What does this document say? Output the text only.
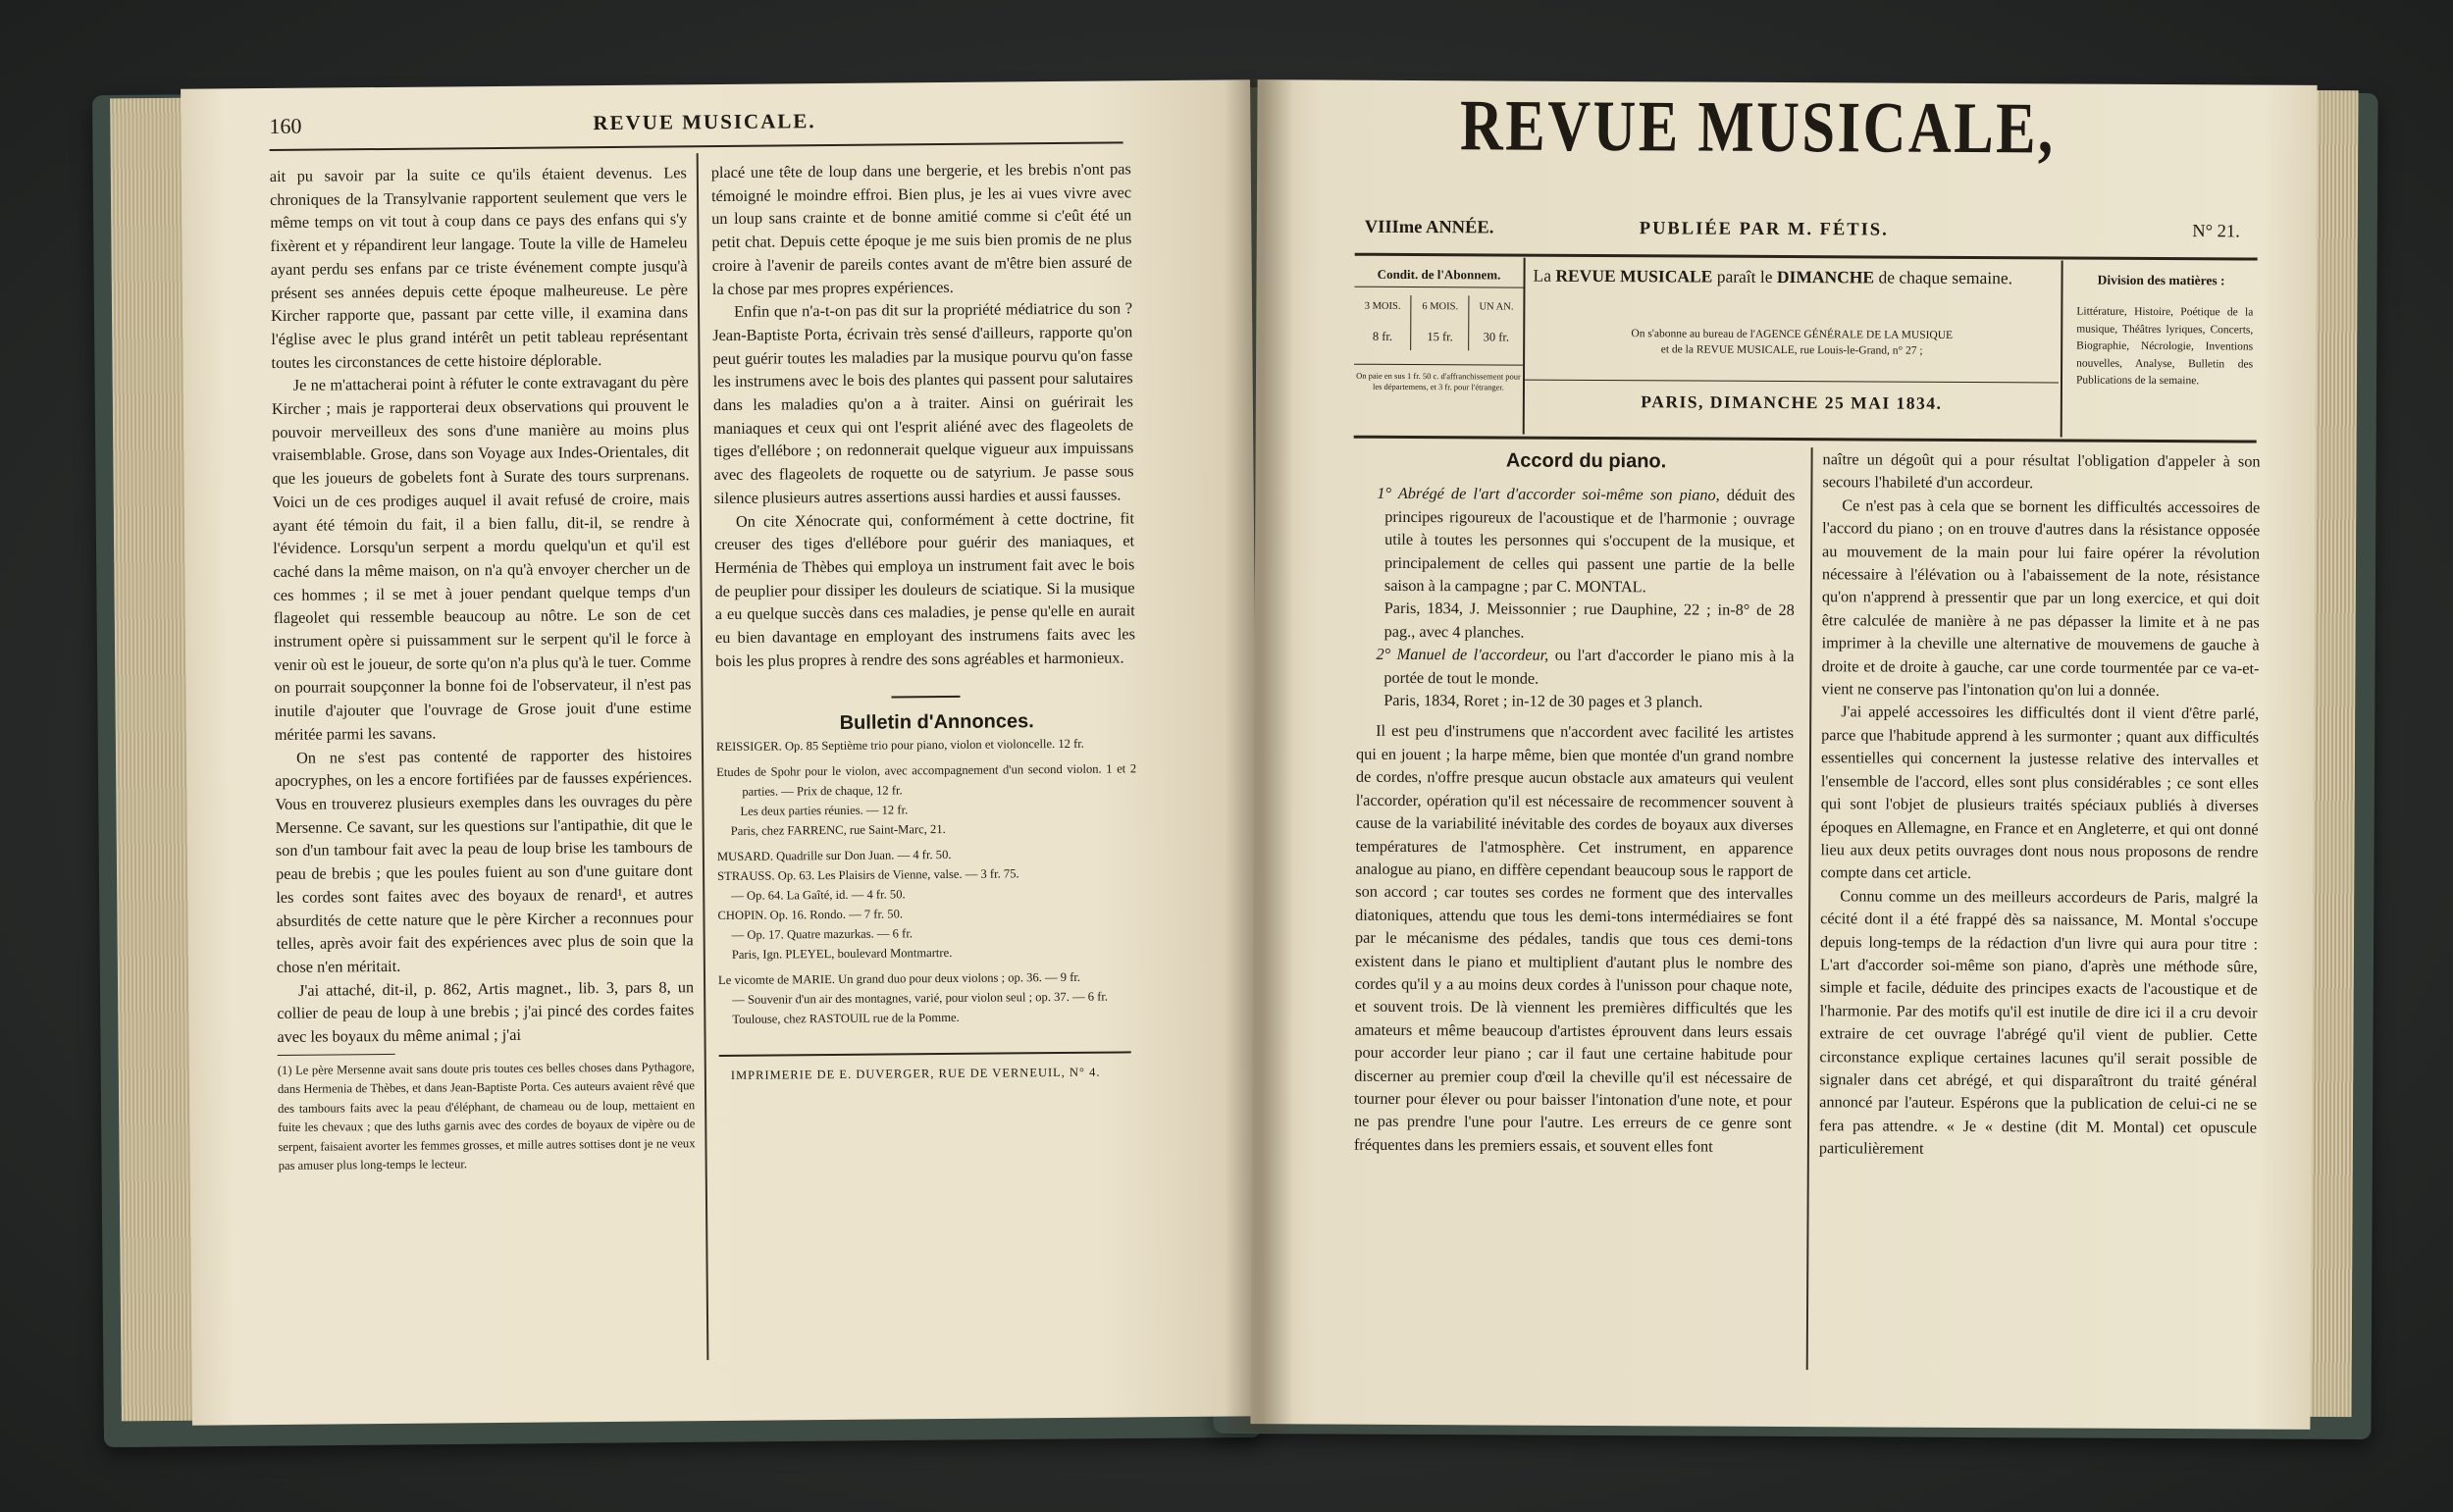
160	REVUE MUSICALE.

ait pu savoir par la suite ce qu'ils étaient devenus. Les chroniques de la Transylvanie rapportent seulement que vers le même temps on vit tout à coup dans ce pays des enfans qui s'y fixèrent et y répandirent leur langage. Toute la ville de Hameleu ayant perdu ses enfans par ce triste événement compte jusqu'à présent ses années depuis cette époque malheureuse. Le père Kircher rapporte que, passant par cette ville, il examina dans l'église avec le plus grand intérêt un petit tableau représentant toutes les circonstances de cette histoire déplorable.

Je ne m'attacherai point à réfuter le conte extravagant du père Kircher ; mais je rapporterai deux observations qui prouvent le pouvoir merveilleux des sons d'une manière au moins plus vraisemblable. Grose, dans son Voyage aux Indes-Orientales, dit que les joueurs de gobelets font à Surate des tours surprenans. Voici un de ces prodiges auquel il avait refusé de croire, mais ayant été témoin du fait, il a bien fallu, dit-il, se rendre à l'évidence. Lorsqu'un serpent a mordu quelqu'un et qu'il est caché dans la même maison, on n'a qu'à envoyer chercher un de ces hommes ; il se met à jouer pendant quelque temps d'un flageolet qui ressemble beaucoup au nôtre. Le son de cet instrument opère si puissamment sur le serpent qu'il le force à venir où est le joueur, de sorte qu'on n'a plus qu'à le tuer. Comme on pourrait soupçonner la bonne foi de l'observateur, il n'est pas inutile d'ajouter que l'ouvrage de Grose jouit d'une estime méritée parmi les savans.

On ne s'est pas contenté de rapporter des histoires apocryphes, on les a encore fortifiées par de fausses expériences. Vous en trouverez plusieurs exemples dans les ouvrages du père Mersenne. Ce savant, sur les questions sur l'antipathie, dit que le son d'un tambour fait avec la peau de loup brise les tambours de peau de brebis ; que les poules fuient au son d'une guitare dont les cordes sont faites avec des boyaux de renard¹, et autres absurdités de cette nature que le père Kircher a reconnues pour telles, après avoir fait des expériences avec plus de soin que la chose n'en méritait.

J'ai attaché, dit-il, p. 862, Artis magnet., lib. 3, pars 8, un collier de peau de loup à une brebis ; j'ai pincé des cordes faites avec les boyaux du même animal ; j'ai

(1) Le père Mersenne avait sans doute pris toutes ces belles choses dans Pythagore, dans Hermenia de Thèbes, et dans Jean-Baptiste Porta. Ces auteurs avaient rêvé que des tambours faits avec la peau d'éléphant, de chameau ou de loup, mettaient en fuite les chevaux ; que des luths garnis avec des cordes de boyaux de vipère ou de serpent, faisaient avorter les femmes grosses, et mille autres sottises dont je ne veux pas amuser plus long-temps le lecteur.

placé une tête de loup dans une bergerie, et les brebis n'ont pas témoigné le moindre effroi. Bien plus, je les ai vues vivre avec un loup sans crainte et de bonne amitié comme si c'eût été un petit chat. Depuis cette époque je me suis bien promis de ne plus croire à l'avenir de pareils contes avant de m'être bien assuré de la chose par mes propres expériences.

Enfin que n'a-t-on pas dit sur la propriété médiatrice du son ? Jean-Baptiste Porta, écrivain très sensé d'ailleurs, rapporte qu'on peut guérir toutes les maladies par la musique pourvu qu'on fasse les instrumens avec le bois des plantes qui passent pour salutaires dans les maladies qu'on a à traiter. Ainsi on guérirait les maniaques et ceux qui ont l'esprit aliéné avec des flageolets de tiges d'ellébore ; on redonnerait quelque vigueur aux impuissans avec des flageolets de roquette ou de satyrium. Je passe sous silence plusieurs autres assertions aussi hardies et aussi fausses.

On cite Xénocrate qui, conformément à cette doctrine, fit creuser des tiges d'ellébore pour guérir des maniaques, et Herménia de Thèbes qui employa un instrument fait avec le bois de peuplier pour dissiper les douleurs de sciatique. Si la musique a eu quelque succès dans ces maladies, je pense qu'elle en aurait eu bien davantage en employant des instrumens faits avec les bois les plus propres à rendre des sons agréables et harmonieux.

Bulletin d'Annonces.

REISSIGER. Op. 85 Septième trio pour piano, violon et violoncelle. 12 fr.
Etudes de Spohr pour le violon, avec accompagnement d'un second violon. 1 et 2 parties. — Prix de chaque, 12 fr.
Les deux parties réunies. — 12 fr.
Paris, chez FARRENC, rue Saint-Marc, 21.
MUSARD. Quadrille sur Don Juan. — 4 fr. 50.
STRAUSS. Op. 63. Les Plaisirs de Vienne, valse. — 3 fr. 75.
— Op. 64. La Gaîté, id. — 4 fr. 50.
CHOPIN. Op. 16. Rondo. — 7 fr. 50.
— Op. 17. Quatre mazurkas. — 6 fr.
Paris, Ign. PLEYEL, boulevard Montmartre.
Le vicomte de MARIE. Un grand duo pour deux violons ; op. 36. — 9 fr.
— Souvenir d'un air des montagnes, varié, pour violon seul ; op. 37. — 6 fr.
Toulouse, chez RASTOUIL rue de la Pomme.
IMPRIMERIE DE E. DUVERGER, RUE DE VERNEUIL, N° 4.
REVUE MUSICALE,
VIIIme ANNÉE.	PUBLIÉE PAR M. FÉTIS.	N° 21.
Condit. de l'Abonnem.
3 MOIS.	6 MOIS.	UN AN.
8 fr.	15 fr.	30 fr.
On paie en sus 1 fr. 50 c. d'affranchissement pour les départemens, et 3 fr. pour l'étranger.
La REVUE MUSICALE paraît le DIMANCHE de chaque semaine.
On s'abonne au bureau de l'AGENCE GÉNÉRALE DE LA MUSIQUE
et de la REVUE MUSICALE, rue Louis-le-Grand, n° 27 ;
PARIS, DIMANCHE 25 MAI 1834.
Division des matières :
Littérature, Histoire, Poétique de la musique, Théâtres lyriques, Concerts, Biographie, Nécrologie, Inventions nouvelles, Analyse, Bulletin des Publications de la semaine.

Accord du piano.

1° Abrégé de l'art d'accorder soi-même son piano, déduit des principes rigoureux de l'acoustique et de l'harmonie ; ouvrage utile à toutes les personnes qui s'occupent de la musique, et principalement de celles qui passent une partie de la belle saison à la campagne ; par C. MONTAL.

Paris, 1834, J. Meissonnier ; rue Dauphine, 22 ; in-8° de 28 pag., avec 4 planches.

2° Manuel de l'accordeur, ou l'art d'accorder le piano mis à la portée de tout le monde.

Paris, 1834, Roret ; in-12 de 30 pages et 3 planch.

Il est peu d'instrumens que n'accordent avec facilité les artistes qui en jouent ; la harpe même, bien que montée d'un grand nombre de cordes, n'offre presque aucun obstacle aux amateurs qui veulent l'accorder, opération qu'il est nécessaire de recommencer souvent à cause de la variabilité inévitable des cordes de boyaux aux diverses températures de l'atmosphère. Cet instrument, en apparence analogue au piano, en diffère cependant beaucoup sous le rapport de son accord ; car toutes ses cordes ne forment que des intervalles diatoniques, attendu que tous les demi-tons intermédiaires se font par le mécanisme des pédales, tandis que tous ces demi-tons existent dans le piano et multiplient d'autant plus le nombre des cordes qu'il y a au moins deux cordes à l'unisson pour chaque note, et souvent trois. De là viennent les premières difficultés que les amateurs et même beaucoup d'artistes éprouvent dans leurs essais pour accorder leur piano ; car il faut une certaine habitude pour discerner au premier coup d'œil la cheville qu'il est nécessaire de tourner pour élever ou pour baisser l'intonation d'une note, et pour ne pas prendre l'une pour l'autre. Les erreurs de ce genre sont fréquentes dans les premiers essais, et souvent elles font

naître un dégoût qui a pour résultat l'obligation d'appeler à son secours l'habileté d'un accordeur.

Ce n'est pas à cela que se bornent les difficultés accessoires de l'accord du piano ; on en trouve d'autres dans la résistance opposée au mouvement de la main pour lui faire opérer la révolution nécessaire à l'élévation ou à l'abaissement de la note, résistance qu'on n'apprend à pressentir que par un long exercice, et qui doit être calculée de manière à ne pas dépasser la limite et à ne pas imprimer à la cheville une alternative de mouvemens de gauche à droite et de droite à gauche, car une corde tourmentée par ce va-et-vient ne conserve pas l'intonation qu'on lui a donnée.

J'ai appelé accessoires les difficultés dont il vient d'être parlé, parce que l'habitude apprend à les surmonter ; quant aux difficultés essentielles qui concernent la justesse relative des intervalles et l'ensemble de l'accord, elles sont plus considérables ; ce sont elles qui sont l'objet de plusieurs traités spéciaux publiés à diverses époques en Allemagne, en France et en Angleterre, et qui ont donné lieu aux deux petits ouvrages dont nous nous proposons de rendre compte dans cet article.

Connu comme un des meilleurs accordeurs de Paris, malgré la cécité dont il a été frappé dès sa naissance, M. Montal s'occupe depuis long-temps de la rédaction d'un livre qui aura pour titre : L'art d'accorder soi-même son piano, d'après une méthode sûre, simple et facile, déduite des principes exacts de l'acoustique et de l'harmonie. Par des motifs qu'il est inutile de dire ici il a cru devoir extraire de cet ouvrage l'abrégé qu'il vient de publier. Cette circonstance explique certaines lacunes qu'il serait possible de signaler dans cet abrégé, et qui disparaîtront du traité général annoncé par l'auteur. Espérons que la publication de celui-ci ne se fera pas attendre. « Je « destine (dit M. Montal) cet opuscule particulièrement
